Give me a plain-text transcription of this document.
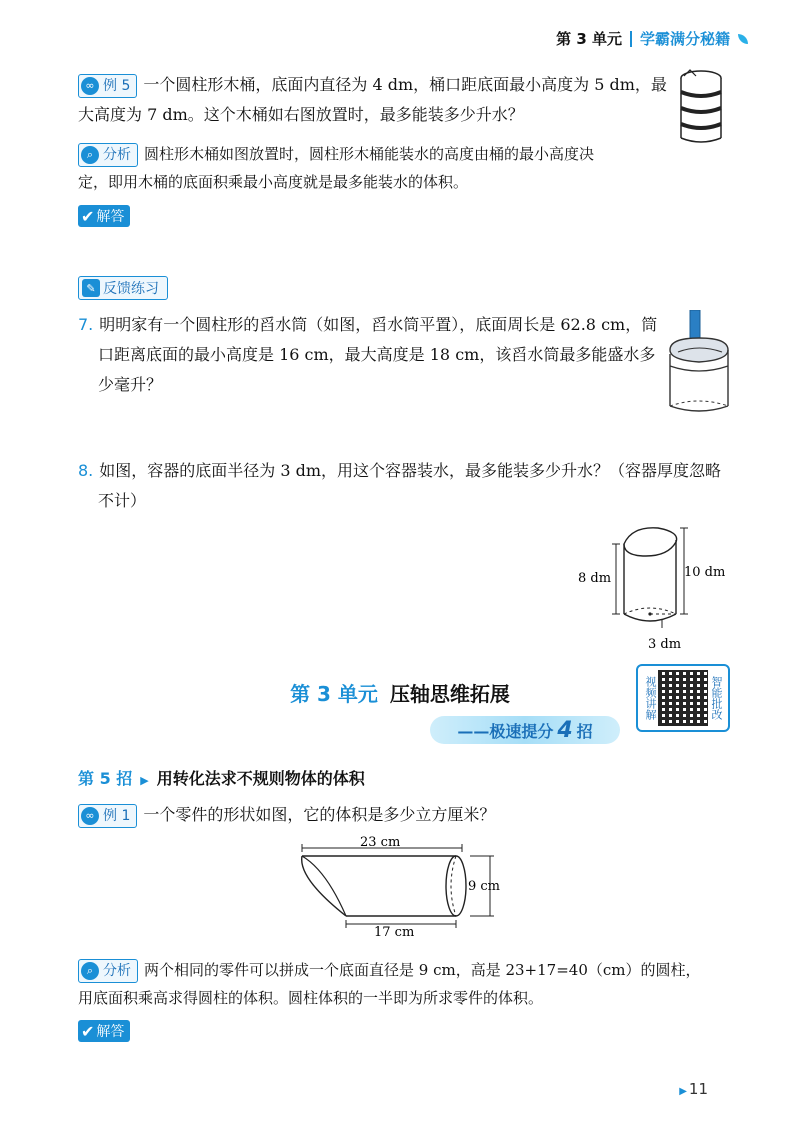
第 3 单元 学霸满分秘籍
∞ 例 5 一个圆柱形木桶，底面内直径为 4 dm，桶口距底面最小高度为 5 dm，最
大高度为 7 dm。这个木桶如右图放置时，最多能装多少升水？
⌕ 分析 圆柱形木桶如图放置时，圆柱形木桶能装水的高度由桶的最小高度决
定，即用木桶的底面积乘最小高度就是最多能装水的体积。
✔ 解答
✎ 反馈练习
7. 明明家有一个圆柱形的舀水筒（如图，舀水筒平置），底面周长是 62.8 cm，筒
口距离底面的最小高度是 16 cm，最大高度是 18 cm，该舀水筒最多能盛水多
少毫升？
8. 如图，容器的底面半径为 3 dm，用这个容器装水，最多能装多少升水？（容器厚度忽略
不计）
8 dm	10 dm
3 dm
第 3 单元 压轴思维拓展
——极速提分 4 招
视频讲解	智能批改
第 5 招 ▶ 用转化法求不规则物体的体积
∞ 例 1 一个零件的形状如图，它的体积是多少立方厘米？
23 cm
9 cm
17 cm
⌕ 分析 两个相同的零件可以拼成一个底面直径是 9 cm，高是 23+17=40（cm）的圆柱，
用底面积乘高求得圆柱的体积。圆柱体积的一半即为所求零件的体积。
✔ 解答
▶ 11
